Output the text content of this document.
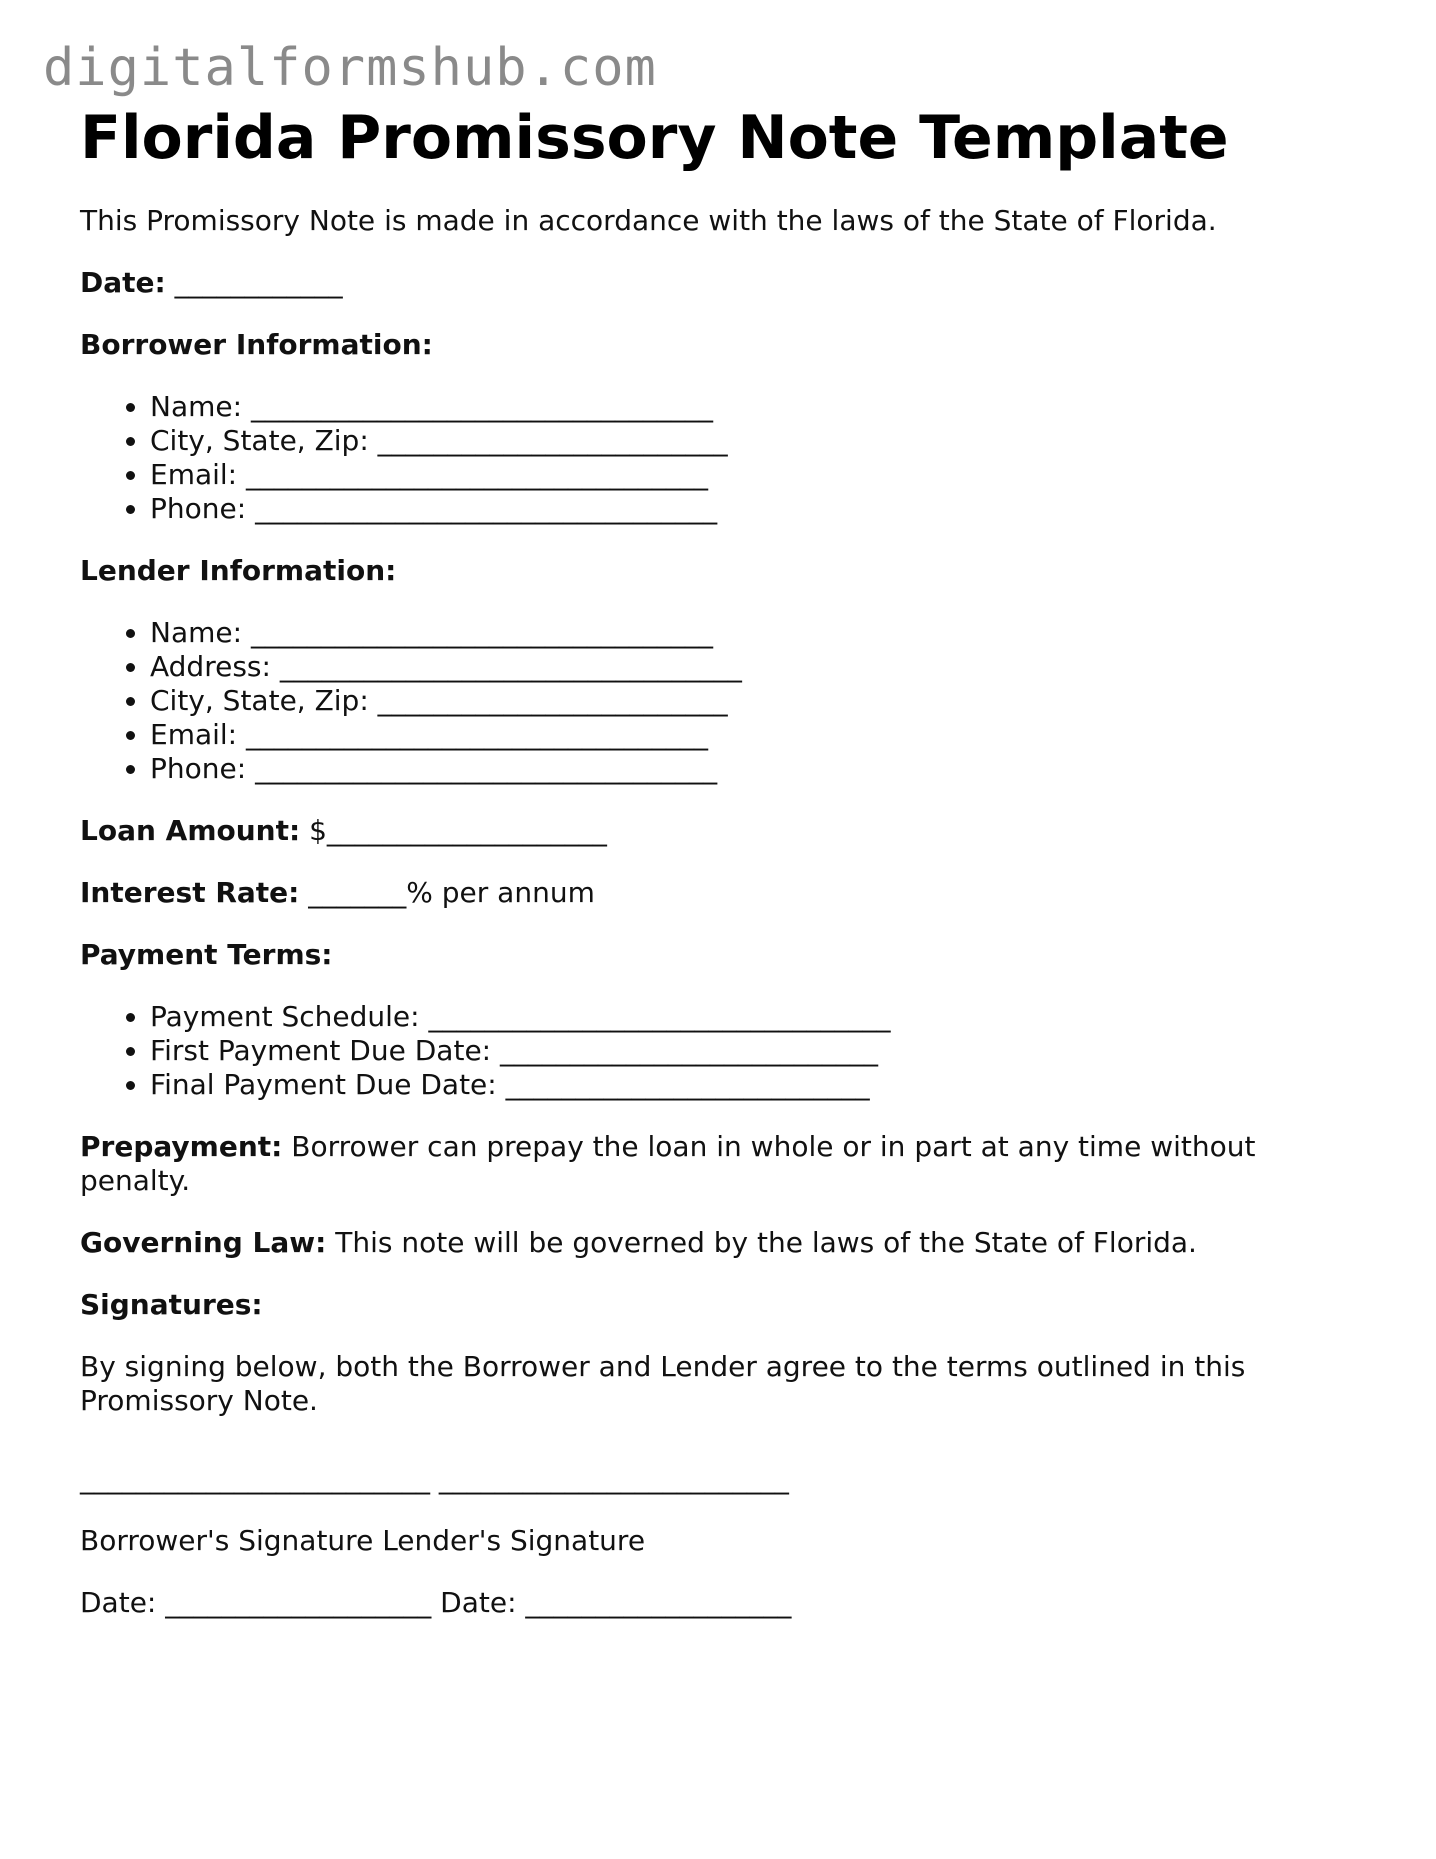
digitalformshub.com
Florida Promissory Note Template

This Promissory Note is made in accordance with the laws of the State of Florida.

Date: ____________

Borrower Information:

• Name: _________________________________
• City, State, Zip: _________________________
• Email: _________________________________
• Phone: _________________________________

Lender Information:

• Name: _________________________________
• Address: _________________________________
• City, State, Zip: _________________________
• Email: _________________________________
• Phone: _________________________________

Loan Amount: $____________________

Interest Rate: _______% per annum

Payment Terms:

• Payment Schedule: _________________________________
• First Payment Due Date: ___________________________
• Final Payment Due Date: __________________________

Prepayment: Borrower can prepay the loan in whole or in part at any time without penalty.

Governing Law: This note will be governed by the laws of the State of Florida.

Signatures:

By signing below, both the Borrower and Lender agree to the terms outlined in this Promissory Note.

_________________________ _________________________

Borrower's Signature Lender's Signature

Date: ___________________ Date: ___________________
